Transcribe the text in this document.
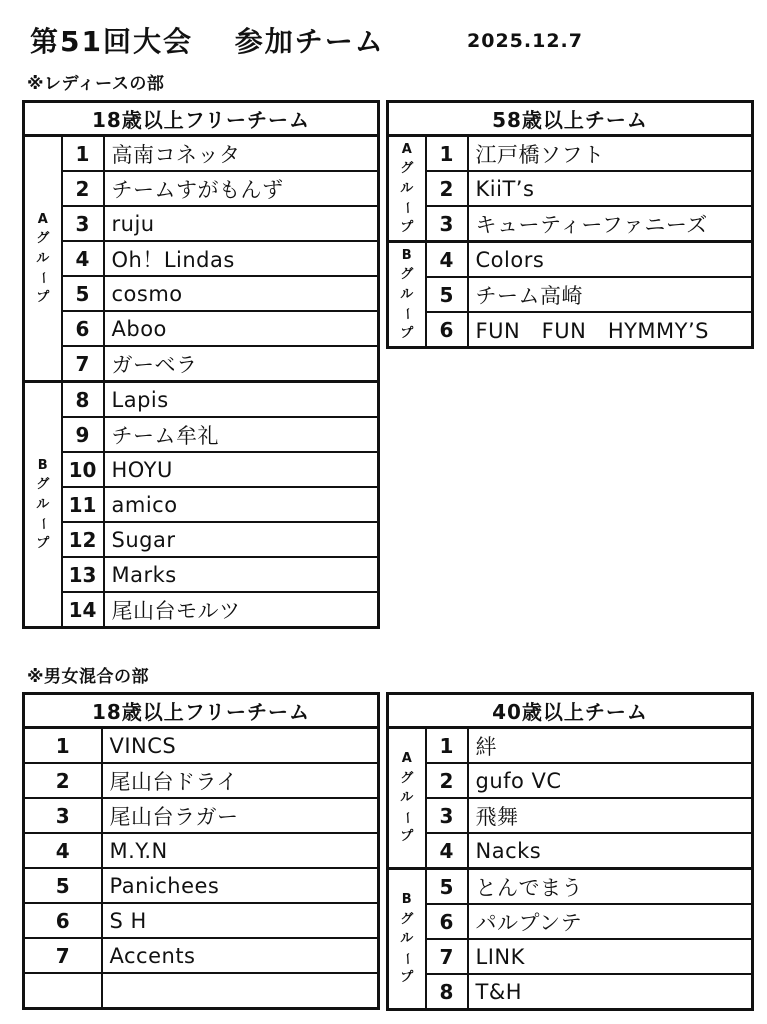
第51回大会　 参加チーム	2025.12.7
※レディースの部
18歳以上フリーチーム		

A
グ
ル
ー
プ	1	高南コネッタ
	2	チームすがもんず
	3	ruju
	4	Oh！Lindas
	5	cosmo
	6	Aboo
	7	ガーベラ

B
グ
ル
ー
プ	8	Lapis
	9	チーム牟礼
	10	HOYU
	11	amico
	12	Sugar
	13	Marks
	14	尾山台モルツ
58歳以上チーム		

A
グ
ル
ー
プ	1	江戸橋ソフト
	2	KiiT’s
	3	キューティーファニーズ

B
グ
ル
ー
プ	4	Colors
	5	チーム高崎
	6	FUN　FUN　HYMMY’S
※男女混合の部
18歳以上フリーチーム	
1	VINCS
2	尾山台ドライ
3	尾山台ラガー
4	M.Y.N
5	Panichees
6	S H
7	Accents

40歳以上チーム		

A
グ
ル
ー
プ	1	絆
	2	gufo VC
	3	飛舞
	4	Nacks

B
グ
ル
ー
プ	5	とんでまう
	6	パルプンテ
	7	LINK
	8	T&H
